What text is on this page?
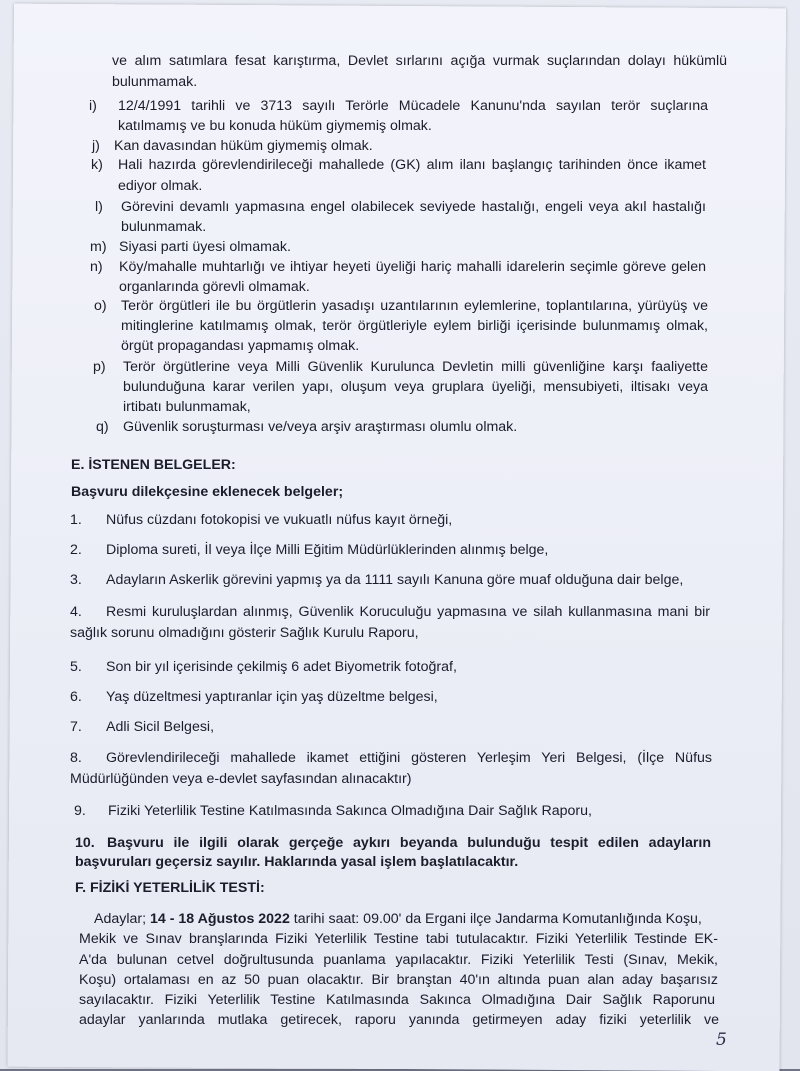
ve alım satımlara fesat karıştırma, Devlet sırlarını açığa vurmak suçlarından dolayı hükümlü
bulunmamak.
i) 12/4/1991 tarihli ve 3713 sayılı Terörle Mücadele Kanunu'nda sayılan terör suçlarına
katılmamış ve bu konuda hüküm giymemiş olmak.
j) Kan davasından hüküm giymemiş olmak.
k) Hali hazırda görevlendirileceği mahallede (GK) alım ilanı başlangıç tarihinden önce ikamet
ediyor olmak.
l) Görevini devamlı yapmasına engel olabilecek seviyede hastalığı, engeli veya akıl hastalığı
bulunmamak.
m) Siyasi parti üyesi olmamak.
n) Köy/mahalle muhtarlığı ve ihtiyar heyeti üyeliği hariç mahalli idarelerin seçimle göreve gelen
organlarında görevli olmamak.
o) Terör örgütleri ile bu örgütlerin yasadışı uzantılarının eylemlerine, toplantılarına, yürüyüş ve
mitinglerine katılmamış olmak, terör örgütleriyle eylem birliği içerisinde bulunmamış olmak,
örgüt propagandası yapmamış olmak.
p) Terör örgütlerine veya Milli Güvenlik Kurulunca Devletin milli güvenliğine karşı faaliyette
bulunduğuna karar verilen yapı, oluşum veya gruplara üyeliği, mensubiyeti, iltisakı veya
irtibatı bulunmamak,
q) Güvenlik soruşturması ve/veya arşiv araştırması olumlu olmak.
E. İSTENEN BELGELER:
Başvuru dilekçesine eklenecek belgeler;
1. Nüfus cüzdanı fotokopisi ve vukuatlı nüfus kayıt örneği,
2. Diploma sureti, İl veya İlçe Milli Eğitim Müdürlüklerinden alınmış belge,
3. Adayların Askerlik görevini yapmış ya da 1111 sayılı Kanuna göre muaf olduğuna dair belge,
4. Resmi kuruluşlardan alınmış, Güvenlik Koruculuğu yapmasına ve silah kullanmasına mani bir
sağlık sorunu olmadığını gösterir Sağlık Kurulu Raporu,
5. Son bir yıl içerisinde çekilmiş 6 adet Biyometrik fotoğraf,
6. Yaş düzeltmesi yaptıranlar için yaş düzeltme belgesi,
7. Adli Sicil Belgesi,
8. Görevlendirileceği mahallede ikamet ettiğini gösteren Yerleşim Yeri Belgesi, (İlçe Nüfus
Müdürlüğünden veya e-devlet sayfasından alınacaktır)
9. Fiziki Yeterlilik Testine Katılmasında Sakınca Olmadığına Dair Sağlık Raporu,
10. Başvuru ile ilgili olarak gerçeğe aykırı beyanda bulunduğu tespit edilen adayların
başvuruları geçersiz sayılır. Haklarında yasal işlem başlatılacaktır.
F. FİZİKİ YETERLİLİK TESTİ:
Adaylar; 14 - 18 Ağustos 2022 tarihi saat: 09.00' da Ergani ilçe Jandarma Komutanlığında Koşu,
Mekik ve Sınav branşlarında Fiziki Yeterlilik Testine tabi tutulacaktır. Fiziki Yeterlilik Testinde EK-
A'da bulunan cetvel doğrultusunda puanlama yapılacaktır. Fiziki Yeterlilik Testi (Sınav, Mekik,
Koşu) ortalaması en az 50 puan olacaktır. Bir branştan 40'ın altında puan alan aday başarısız
sayılacaktır. Fiziki Yeterlilik Testine Katılmasında Sakınca Olmadığına Dair Sağlık Raporunu
adaylar yanlarında mutlaka getirecek, raporu yanında getirmeyen aday fiziki yeterlilik ve
5
